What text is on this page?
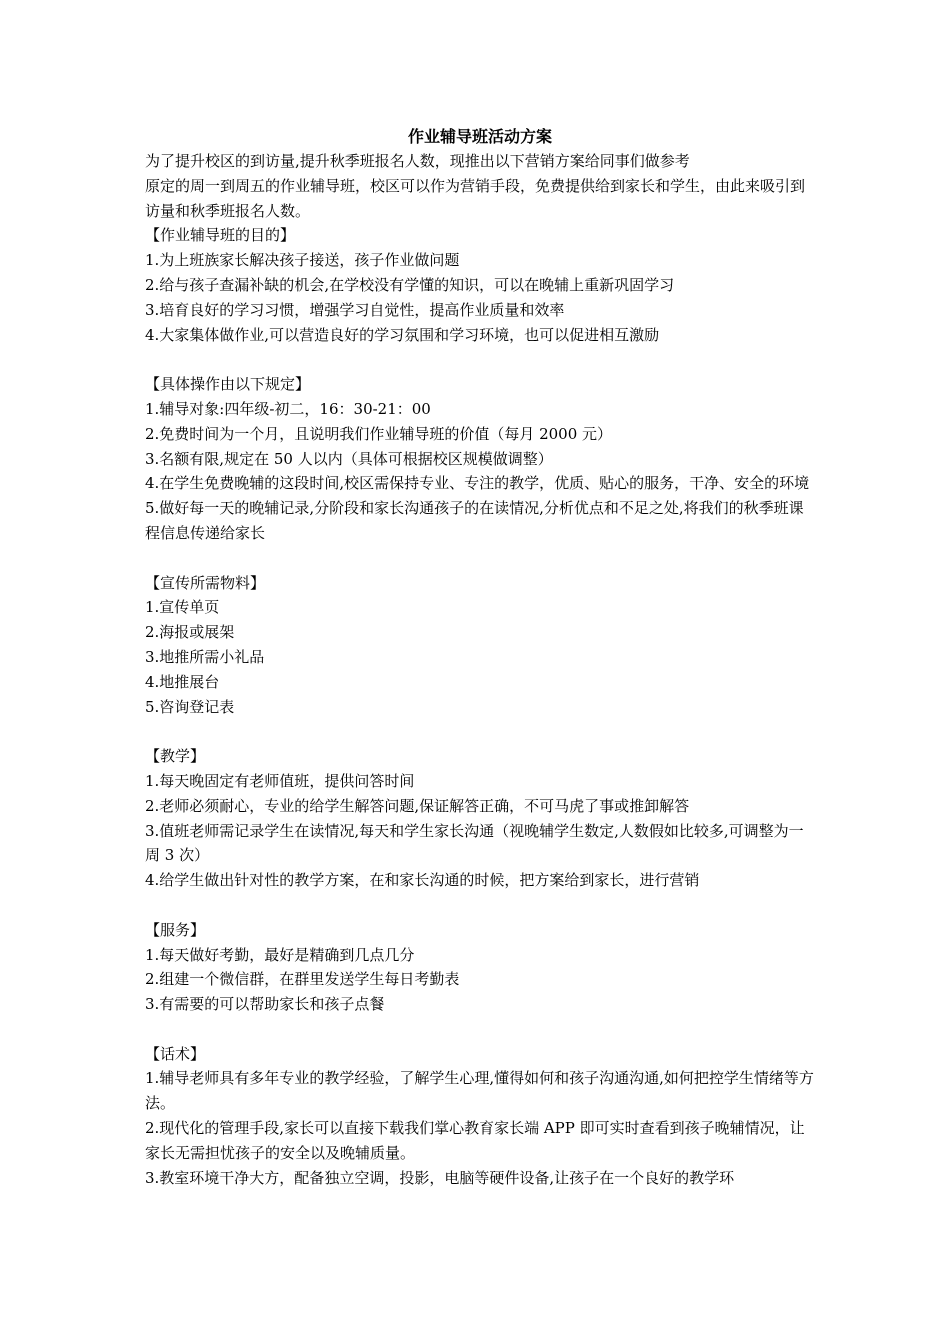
作业辅导班活动方案

为了提升校区的到访量,提升秋季班报名人数，现推出以下营销方案给同事们做参考

原定的周一到周五的作业辅导班，校区可以作为营销手段，免费提供给到家长和学生，由此来吸引到访量和秋季班报名人数。

【作业辅导班的目的】

1.为上班族家长解决孩子接送，孩子作业做问题

2.给与孩子查漏补缺的机会,在学校没有学懂的知识，可以在晚辅上重新巩固学习

3.培育良好的学习习惯，增强学习自觉性，提高作业质量和效率

4.大家集体做作业,可以营造良好的学习氛围和学习环境，也可以促进相互激励

【具体操作由以下规定】

1.辅导对象:四年级-初二，16：30-21：00

2.免费时间为一个月，且说明我们作业辅导班的价值（每月 2000 元）

3.名额有限,规定在 50 人以内（具体可根据校区规模做调整）

4.在学生免费晚辅的这段时间,校区需保持专业、专注的教学，优质、贴心的服务，干净、安全的环境

5.做好每一天的晚辅记录,分阶段和家长沟通孩子的在读情况,分析优点和不足之处,将我们的秋季班课程信息传递给家长

【宣传所需物料】

1.宣传单页

2.海报或展架

3.地推所需小礼品

4.地推展台

5.咨询登记表

【教学】

1.每天晚固定有老师值班，提供问答时间

2.老师必须耐心，专业的给学生解答问题,保证解答正确，不可马虎了事或推卸解答

3.值班老师需记录学生在读情况,每天和学生家长沟通（视晚辅学生数定,人数假如比较多,可调整为一周 3 次）

4.给学生做出针对性的教学方案，在和家长沟通的时候，把方案给到家长，进行营销

【服务】

1.每天做好考勤，最好是精确到几点几分

2.组建一个微信群，在群里发送学生每日考勤表

3.有需要的可以帮助家长和孩子点餐

【话术】

1.辅导老师具有多年专业的教学经验，了解学生心理,懂得如何和孩子沟通沟通,如何把控学生情绪等方法。

2.现代化的管理手段,家长可以直接下载我们掌心教育家长端 APP 即可实时查看到孩子晚辅情况，让家长无需担忧孩子的安全以及晚辅质量。

3.教室环境干净大方，配备独立空调，投影，电脑等硬件设备,让孩子在一个良好的教学环
